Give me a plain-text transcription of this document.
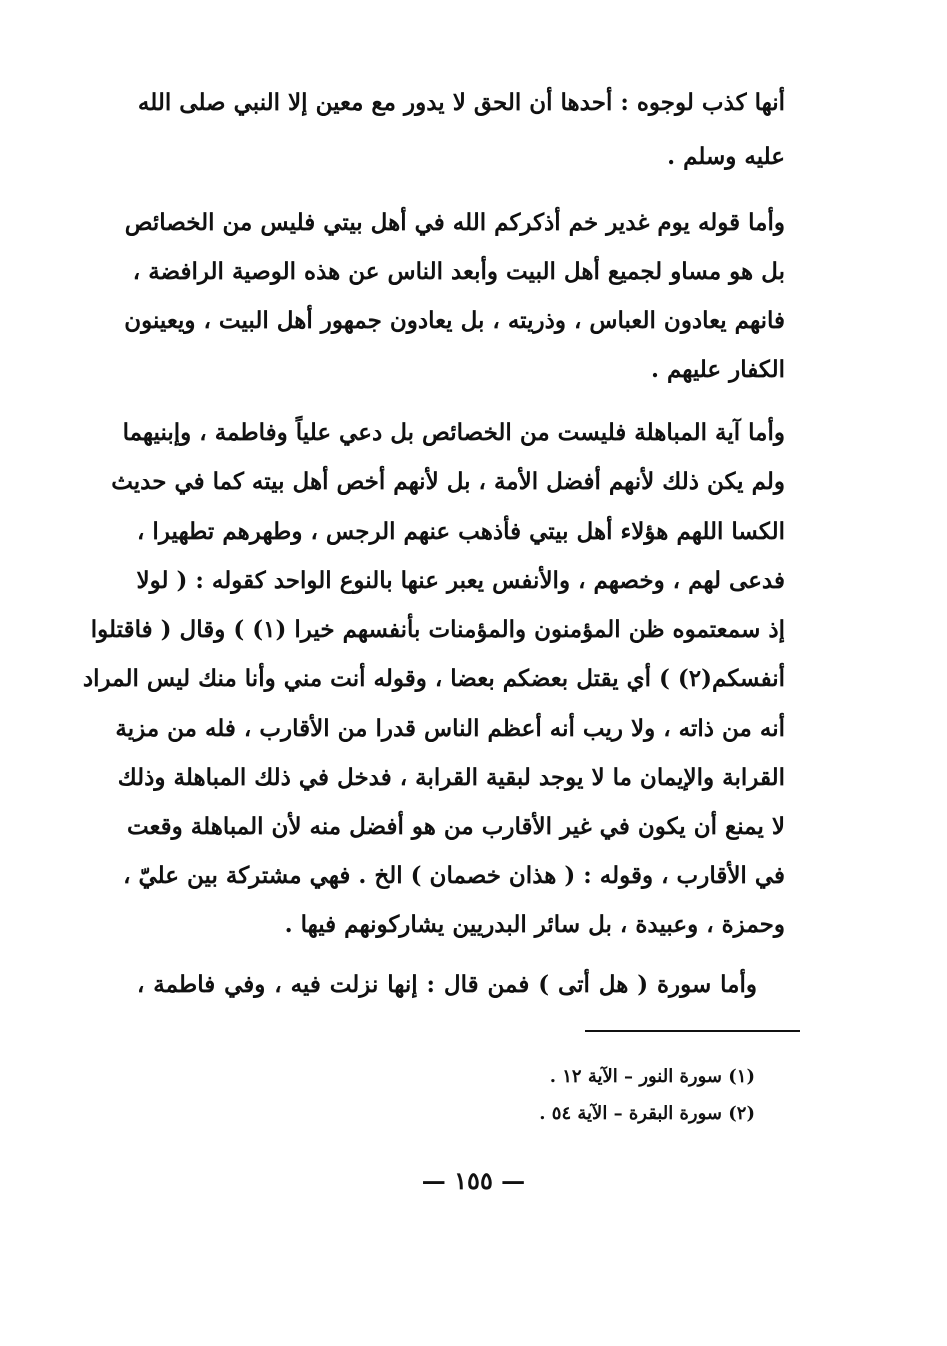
أنها كذب لوجوه : أحدها أن الحق لا يدور مع معين إلا النبي صلى الله
عليه وسلم .
وأما قوله يوم غدير خم أذكركم الله في أهل بيتي فليس من الخصائص
بل هو مساو لجميع أهل البيت وأبعد الناس عن هذه الوصية الرافضة ،
فانهم يعادون العباس ، وذريته ، بل يعادون جمهور أهل البيت ، ويعينون
الكفار عليهم .
وأما آية المباهلة فليست من الخصائص بل دعي علياً وفاطمة ، وإبنيهما
ولم يكن ذلك لأنهم أفضل الأمة ، بل لأنهم أخص أهل بيته كما في حديث
الكسا اللهم هؤلاء أهل بيتي فأذهب عنهم الرجس ، وطهرهم تطهيرا ،
فدعى لهم ، وخصهم ، والأنفس يعبر عنها بالنوع الواحد كقوله : ( لولا
إذ سمعتموه ظن المؤمنون والمؤمنات بأنفسهم خيرا (١) ) وقال ( فاقتلوا
أنفسكم(٢) ) أي يقتل بعضكم بعضا ، وقوله أنت مني وأنا منك ليس المراد
أنه من ذاته ، ولا ريب أنه أعظم الناس قدرا من الأقارب ، فله من مزية
القرابة والإيمان ما لا يوجد لبقية القرابة ، فدخل في ذلك المباهلة وذلك
لا يمنع أن يكون في غير الأقارب من هو أفضل منه لأن المباهلة وقعت
في الأقارب ، وقوله : ( هذان خصمان ) الخ . فهي مشتركة بين عليّ ،
وحمزة ، وعبيدة ، بل سائر البدريين يشاركونهم فيها .
وأما سورة ( هل أتى ) فمن قال : إنها نزلت فيه ، وفي فاطمة ،
(١) سورة النور – الآية ١٢ .
(٢) سورة البقرة – الآية ٥٤ .
— ١٥٥ —
